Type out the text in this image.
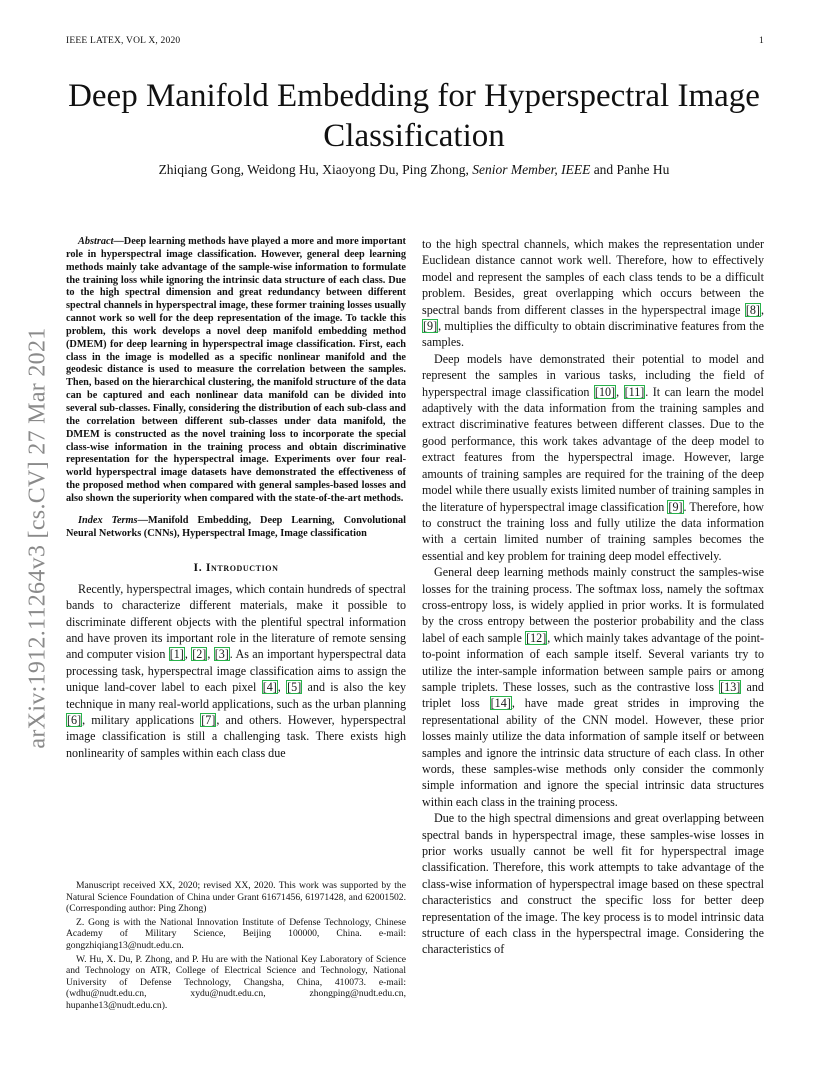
IEEE LATEX, VOL X, 2020	1
arXiv:1912.11264v3 [cs.CV] 27 Mar 2021
Deep Manifold Embedding for Hyperspectral Image Classification
Zhiqiang Gong, Weidong Hu, Xiaoyong Du, Ping Zhong, Senior Member, IEEE and Panhe Hu

Abstract—Deep learning methods have played a more and more important role in hyperspectral image classification. However, general deep learning methods mainly take advantage of the sample-wise information to formulate the training loss while ignoring the intrinsic data structure of each class. Due to the high spectral dimension and great redundancy between different spectral channels in hyperspectral image, these former training losses usually cannot work so well for the deep representation of the image. To tackle this problem, this work develops a novel deep manifold embedding method (DMEM) for deep learning in hyperspectral image classification. First, each class in the image is modelled as a specific nonlinear manifold and the geodesic distance is used to measure the correlation between the samples. Then, based on the hierarchical clustering, the manifold structure of the data can be captured and each nonlinear data manifold can be divided into several sub-classes. Finally, considering the distribution of each sub-class and the correlation between different sub-classes under data manifold, the DMEM is constructed as the novel training loss to incorporate the special class-wise information in the training process and obtain discriminative representation for the hyperspectral image. Experiments over four real-world hyperspectral image datasets have demonstrated the effectiveness of the proposed method when compared with general samples-based losses and also shown the superiority when compared with the state-of-the-art methods.

Index Terms—Manifold Embedding, Deep Learning, Convolutional Neural Networks (CNNs), Hyperspectral Image, Image classification

I. Introduction

Recently, hyperspectral images, which contain hundreds of spectral bands to characterize different materials, make it possible to discriminate different objects with the plentiful spectral information and have proven its important role in the literature of remote sensing and computer vision [1], [2], [3]. As an important hyperspectral data processing task, hyperspectral image classification aims to assign the unique land-cover label to each pixel [4], [5] and is also the key technique in many real-world applications, such as the urban planning [6], military applications [7], and others. However, hyperspectral image classification is still a challenging task. There exists high nonlinearity of samples within each class due

Manuscript received XX, 2020; revised XX, 2020. This work was supported by the Natural Science Foundation of China under Grant 61671456, 61971428, and 62001502. (Corresponding author: Ping Zhong)

Z. Gong is with the National Innovation Institute of Defense Technology, Chinese Academy of Military Science, Beijing 100000, China. e-mail: gongzhiqiang13@nudt.edu.cn.

W. Hu, X. Du, P. Zhong, and P. Hu are with the National Key Laboratory of Science and Technology on ATR, College of Electrical Science and Technology, National University of Defense Technology, Changsha, China, 410073. e-mail: (wdhu@nudt.edu.cn, xydu@nudt.edu.cn, zhongping@nudt.edu.cn, hupanhe13@nudt.edu.cn).

to the high spectral channels, which makes the representation under Euclidean distance cannot work well. Therefore, how to effectively model and represent the samples of each class tends to be a difficult problem. Besides, great overlapping which occurs between the spectral bands from different classes in the hyperspectral image [8], [9], multiplies the difficulty to obtain discriminative features from the samples.

Deep models have demonstrated their potential to model and represent the samples in various tasks, including the field of hyperspectral image classification [10], [11]. It can learn the model adaptively with the data information from the training samples and extract discriminative features between different classes. Due to the good performance, this work takes advantage of the deep model to extract features from the hyperspectral image. However, large amounts of training samples are required for the training of the deep model while there usually exists limited number of training samples in the literature of hyperspectral image classification [9]. Therefore, how to construct the training loss and fully utilize the data information with a certain limited number of training samples becomes the essential and key problem for training deep model effectively.

General deep learning methods mainly construct the samples-wise losses for the training process. The softmax loss, namely the softmax cross-entropy loss, is widely applied in prior works. It is formulated by the cross entropy between the posterior probability and the class label of each sample [12], which mainly takes advantage of the point-to-point information of each sample itself. Several variants try to utilize the inter-sample information between sample pairs or among sample triplets. These losses, such as the contrastive loss [13] and triplet loss [14], have made great strides in improving the representational ability of the CNN model. However, these prior losses mainly utilize the data information of sample itself or between samples and ignore the intrinsic data structure of each class. In other words, these samples-wise methods only consider the commonly simple information and ignore the special intrinsic data structures within each class in the training process.

Due to the high spectral dimensions and great overlapping between spectral bands in hyperspectral image, these samples-wise losses in prior works usually cannot be well fit for hyperspectral image classification. Therefore, this work attempts to take advantage of the class-wise information of hyperspectral image based on these spectral characteristics and construct the specific loss for better deep representation of the image. The key process is to model intrinsic data structure of each class in the hyperspectral image. Considering the characteristics of
